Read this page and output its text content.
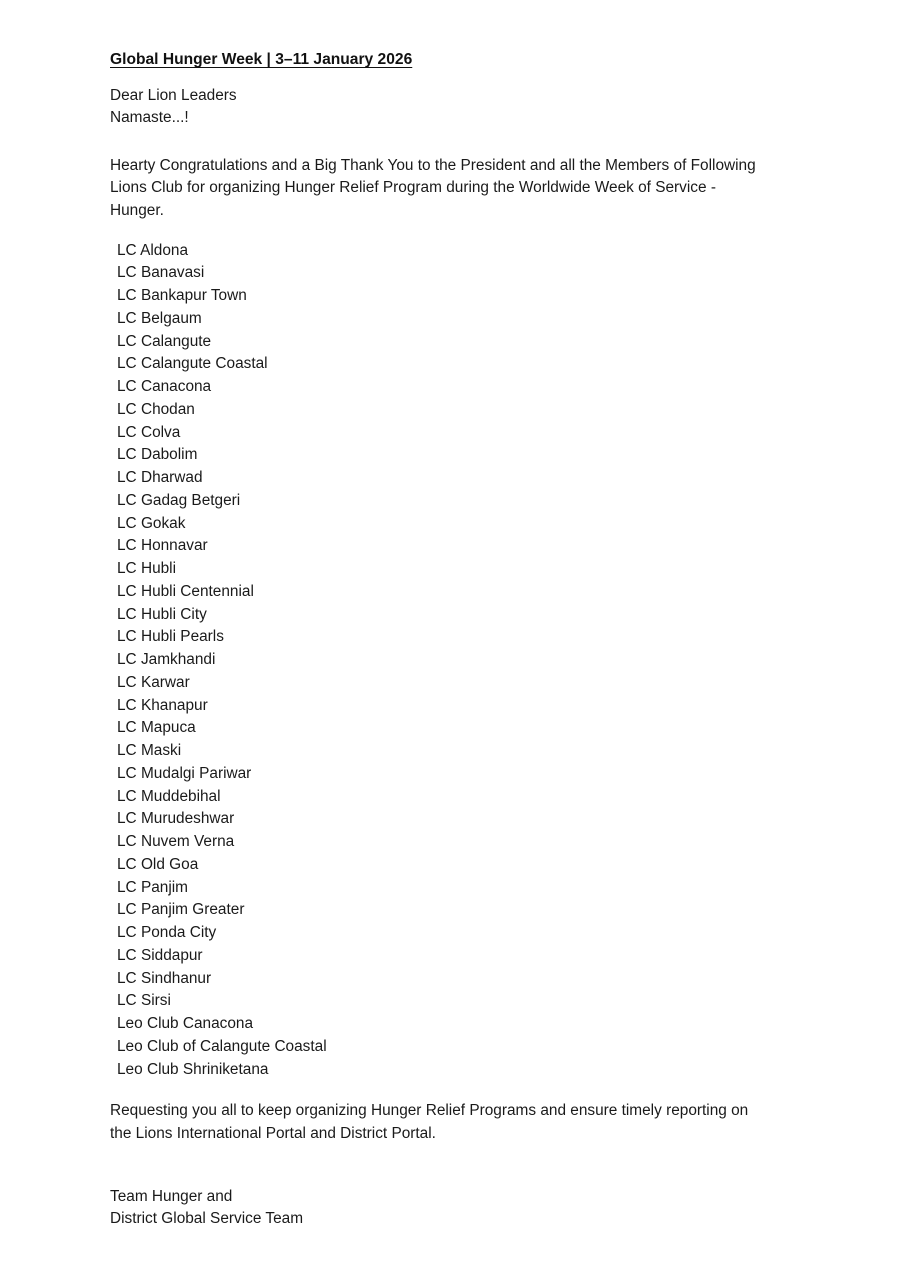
Global Hunger Week | 3–11 January 2026
Dear Lion Leaders
Namaste...!
Hearty Congratulations and a Big Thank You to the President and all the Members of Following
Lions Club for organizing Hunger Relief Program during the Worldwide Week of Service -
Hunger.
LC Aldona
LC Banavasi
LC Bankapur Town
LC Belgaum
LC Calangute
LC Calangute Coastal
LC Canacona
LC Chodan
LC Colva
LC Dabolim
LC Dharwad
LC Gadag Betgeri
LC Gokak
LC Honnavar
LC Hubli
LC Hubli Centennial
LC Hubli City
LC Hubli Pearls
LC Jamkhandi
LC Karwar
LC Khanapur
LC Mapuca
LC Maski
LC Mudalgi Pariwar
LC Muddebihal
LC Murudeshwar
LC Nuvem Verna
LC Old Goa
LC Panjim
LC Panjim Greater
LC Ponda City
LC Siddapur
LC Sindhanur
LC Sirsi
Leo Club Canacona
Leo Club of Calangute Coastal
Leo Club Shriniketana
Requesting you all to keep organizing Hunger Relief Programs and ensure timely reporting on
the Lions International Portal and District Portal.
Team Hunger and
District Global Service Team
